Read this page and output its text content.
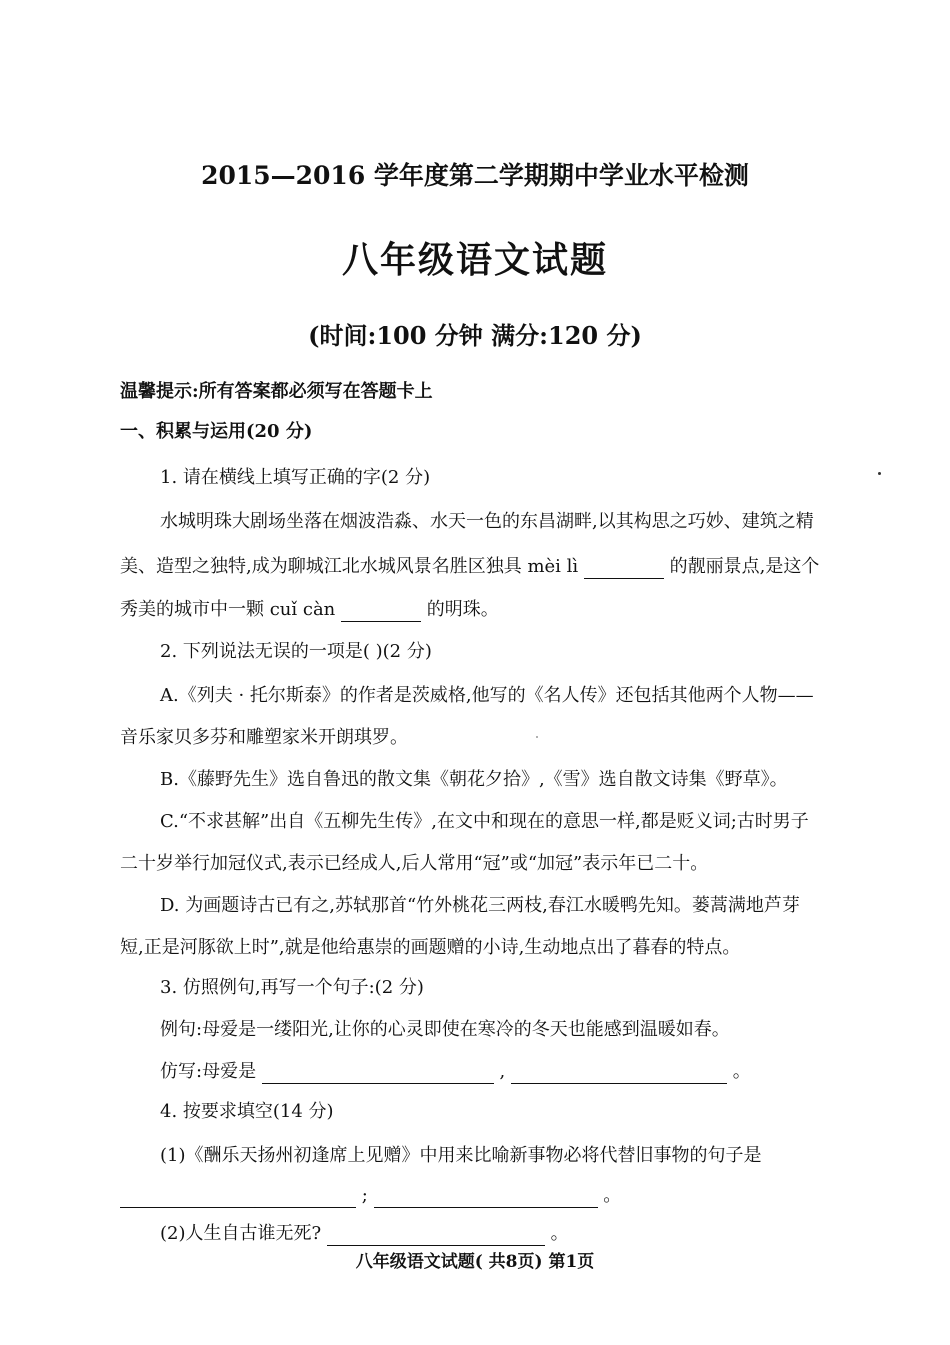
2015—2016 学年度第二学期期中学业水平检测
八年级语文试题
(时间:100 分钟 满分:120 分)
温馨提示:所有答案都必须写在答题卡上
一、积累与运用(20 分)
1. 请在横线上填写正确的字(2 分)
水城明珠大剧场坐落在烟波浩淼、水天一色的东昌湖畔,以其构思之巧妙、建筑之精
美、造型之独特,成为聊城江北水城风景名胜区独具 mèi lì	的靓丽景点,是这个
秀美的城市中一颗 cuǐ càn	的明珠。
2. 下列说法无误的一项是( )(2 分)
A.《列夫 · 托尔斯泰》的作者是茨威格,他写的《名人传》还包括其他两个人物——
音乐家贝多芬和雕塑家米开朗琪罗。
B.《藤野先生》选自鲁迅的散文集《朝花夕拾》,《雪》选自散文诗集《野草》。
C.“不求甚解”出自《五柳先生传》,在文中和现在的意思一样,都是贬义词;古时男子
二十岁举行加冠仪式,表示已经成人,后人常用“冠”或“加冠”表示年已二十。
D. 为画题诗古已有之,苏轼那首“竹外桃花三两枝,春江水暖鸭先知。蒌蒿满地芦芽
短,正是河豚欲上时”,就是他给惠崇的画题赠的小诗,生动地点出了暮春的特点。
3. 仿照例句,再写一个句子:(2 分)
例句:母爱是一缕阳光,让你的心灵即使在寒冷的冬天也能感到温暖如春。
仿写:母爱是	,	。
4. 按要求填空(14 分)
(1)《酬乐天扬州初逢席上见赠》中用来比喻新事物必将代替旧事物的句子是
;	。
(2)人生自古谁无死?	。
八年级语文试题( 共8页) 第1页
